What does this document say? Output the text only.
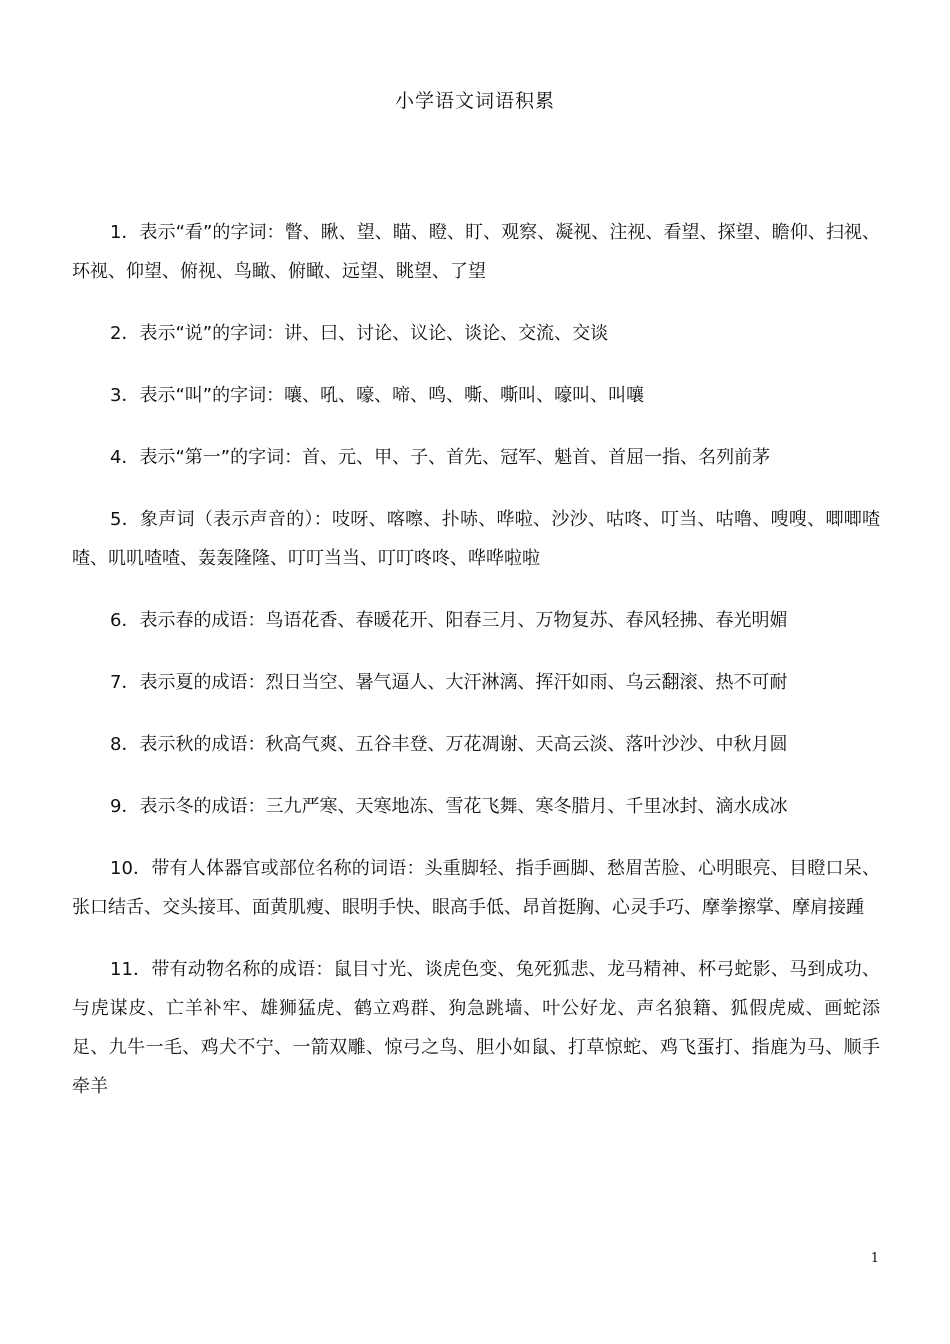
小学语文词语积累

1．表示“看”的字词：瞥、瞅、望、瞄、瞪、盯、观察、凝视、注视、看望、探望、瞻仰、扫视、环视、仰望、俯视、鸟瞰、俯瞰、远望、眺望、了望

2．表示“说”的字词：讲、曰、讨论、议论、谈论、交流、交谈

3．表示“叫”的字词：嚷、吼、嚎、啼、鸣、嘶、嘶叫、嚎叫、叫嚷

4．表示“第一”的字词：首、元、甲、子、首先、冠军、魁首、首屈一指、名列前茅

5．象声词（表示声音的）：吱呀、喀嚓、扑哧、哗啦、沙沙、咕咚、叮当、咕噜、嗖嗖、唧唧喳喳、叽叽喳喳、轰轰隆隆、叮叮当当、叮叮咚咚、哗哗啦啦

6．表示春的成语：鸟语花香、春暖花开、阳春三月、万物复苏、春风轻拂、春光明媚

7．表示夏的成语：烈日当空、暑气逼人、大汗淋漓、挥汗如雨、乌云翻滚、热不可耐

8．表示秋的成语：秋高气爽、五谷丰登、万花凋谢、天高云淡、落叶沙沙、中秋月圆

9．表示冬的成语：三九严寒、天寒地冻、雪花飞舞、寒冬腊月、千里冰封、滴水成冰

10．带有人体器官或部位名称的词语：头重脚轻、指手画脚、愁眉苦脸、心明眼亮、目瞪口呆、张口结舌、交头接耳、面黄肌瘦、眼明手快、眼高手低、昂首挺胸、心灵手巧、摩拳擦掌、摩肩接踵

11．带有动物名称的成语：鼠目寸光、谈虎色变、兔死狐悲、龙马精神、杯弓蛇影、马到成功、与虎谋皮、亡羊补牢、雄狮猛虎、鹤立鸡群、狗急跳墙、叶公好龙、声名狼籍、狐假虎威、画蛇添足、九牛一毛、鸡犬不宁、一箭双雕、惊弓之鸟、胆小如鼠、打草惊蛇、鸡飞蛋打、指鹿为马、顺手牵羊

1
